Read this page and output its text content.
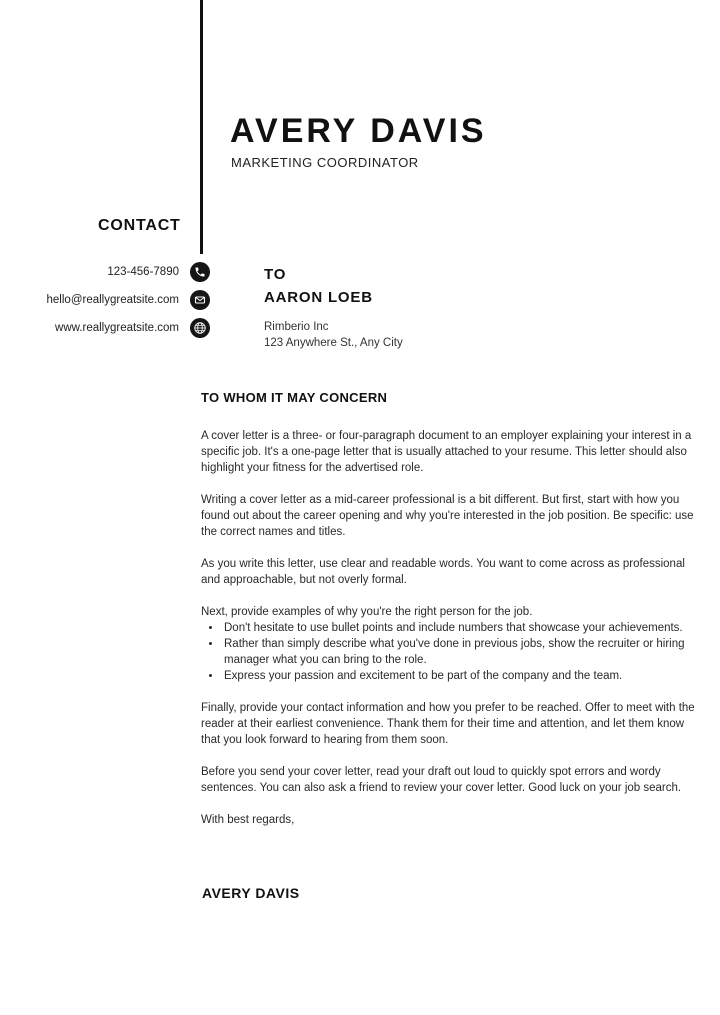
AVERY DAVIS
MARKETING COORDINATOR
CONTACT
123-456-7890
hello@reallygreatsite.com
www.reallygreatsite.com
TO
AARON LOEB
Rimberio Inc
123 Anywhere St., Any City
TO WHOM IT MAY CONCERN

A cover letter is a three- or four-paragraph document to an employer explaining your interest in a specific job. It's a one-page letter that is usually attached to your resume. This letter should also highlight your fitness for the advertised role.

Writing a cover letter as a mid-career professional is a bit different. But first, start with how you found out about the career opening and why you're interested in the job position. Be specific: use the correct names and titles.

As you write this letter, use clear and readable words. You want to come across as professional and approachable, but not overly formal.

Next, provide examples of why you're the right person for the job.

• Don't hesitate to use bullet points and include numbers that showcase your achievements.
• Rather than simply describe what you've done in previous jobs, show the recruiter or hiring manager what you can bring to the role.
• Express your passion and excitement to be part of the company and the team.

Finally, provide your contact information and how you prefer to be reached. Offer to meet with the reader at their earliest convenience. Thank them for their time and attention, and let them know that you look forward to hearing from them soon.

Before you send your cover letter, read your draft out loud to quickly spot errors and wordy sentences. You can also ask a friend to review your cover letter. Good luck on your job search.

With best regards,

AVERY DAVIS
